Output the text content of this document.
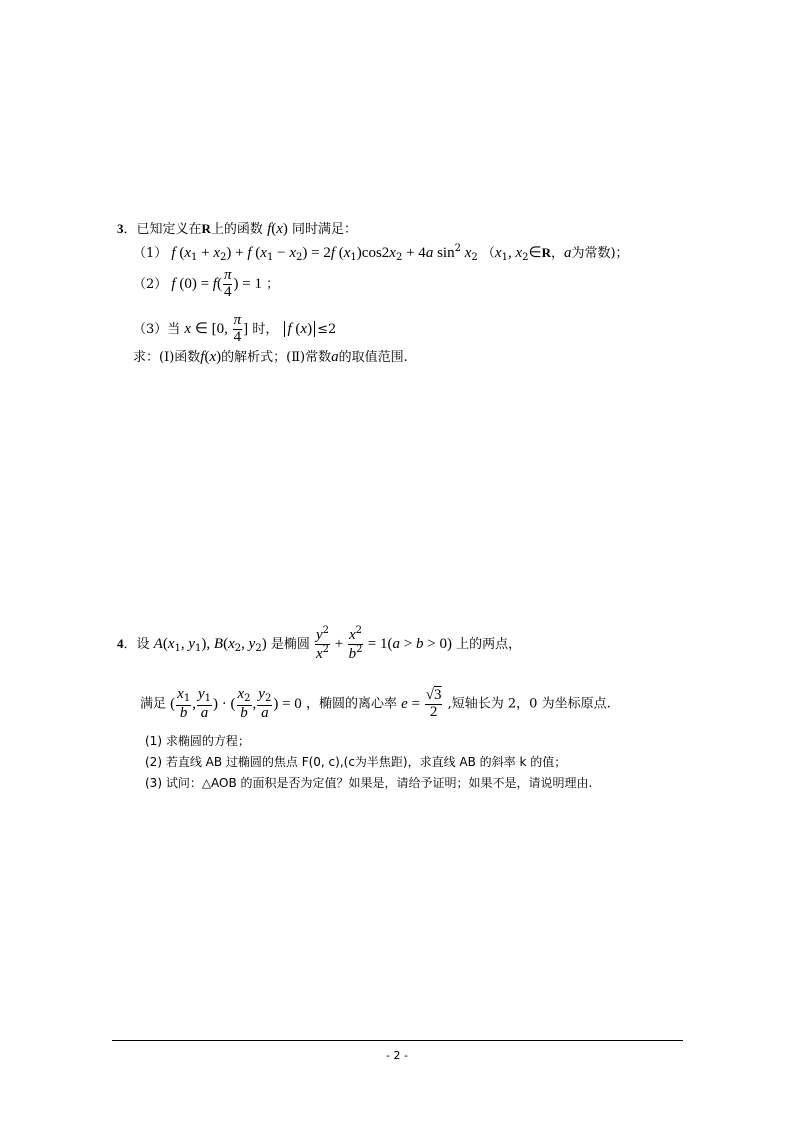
3．已知定义在R上的函数 f(x) 同时满足：
（1） f $(x_1 + x_2) + f$ $(x_1 - x_2) = 2f$ $(x_1)\cos 2x_2 + 4a$ $\sin^2 x_2$ （$x_1$, $x_2\in R$，a为常数)；
（2） f $(0) = f( \frac{\pi}{4}$ ) = 1 ；
（3）当 x ∈ [0, $\frac{\pi}{4}$ ] 时， f (x) ≤2
求：(Ⅰ)函数f(x)的解析式；(Ⅱ)常数a的取值范围.
4．设 $A(x_1$, $y_1$), $B(x_2$, $y_2$) 是椭圆 $\frac{y^2}{x^2} + \frac{x^2}{b^2} = 1(a > b > 0)$ 上的两点，
满足 ( $\frac{x_1}{b}$ , $\frac{y_1}{a}$ ) · ( $\frac{x_2}{b}$ , $\frac{y_2}{a}$ ) = 0 ，椭圆的离心率 $e = \frac{√3}{2}$ ,短轴长为 2，0 为坐标原点.
(1) 求椭圆的方程；
(2) 若直线 AB 过椭圆的焦点 F(0, c),(c为半焦距)，求直线 AB 的斜率 k 的值；
(3) 试问：△AOB 的面积是否为定值？如果是，请给予证明；如果不是，请说明理由.
- 2 -
